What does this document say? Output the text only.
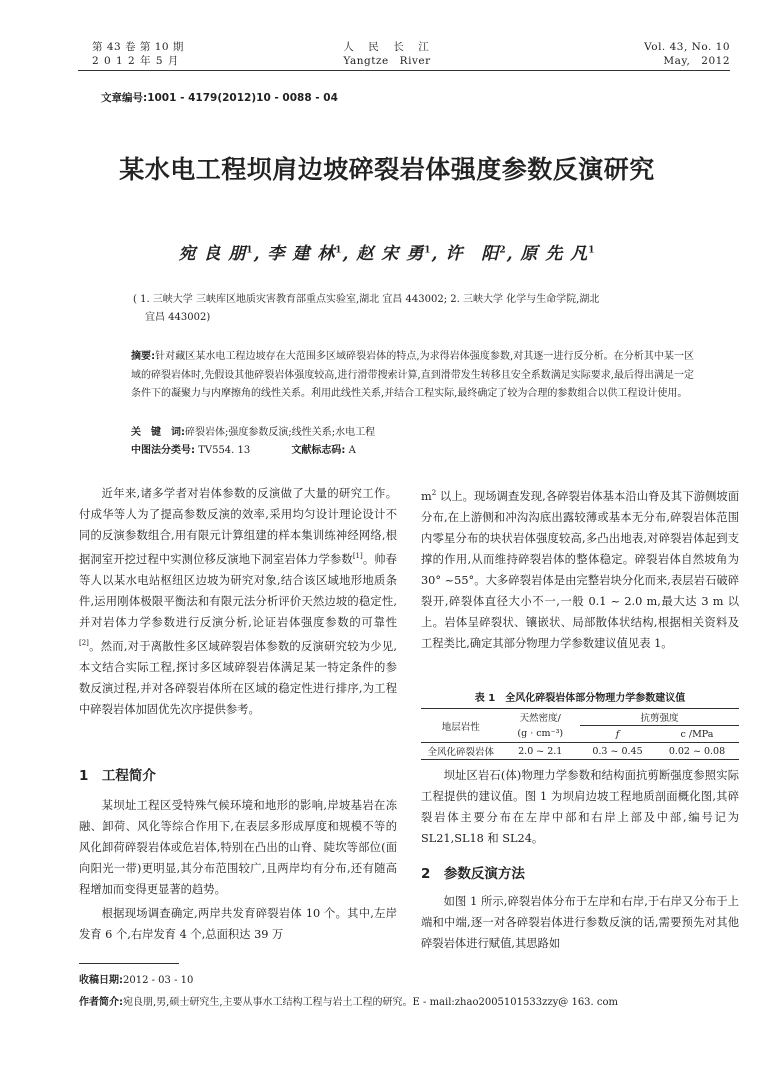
第 43 卷 第 10 期
2 0 1 2 年 5 月
人　民　长　江
Yangtze　River
Vol. 43, No. 10
May,　2012
文章编号:1001 - 4179(2012)10 - 0088 - 04
某水电工程坝肩边坡碎裂岩体强度参数反演研究
宛 良 朋$^1$, 李 建 林$^1$, 赵 宋 勇$^1$, 许　阳$^2$, 原 先 凡$^1$
( 1. 三峡大学 三峡库区地质灾害教育部重点实验室,湖北 宜昌 443002; 2. 三峡大学 化学与生命学院,湖北
宜昌 443002)
摘要:针对藏区某水电工程边坡存在大范围多区域碎裂岩体的特点,为求得岩体强度参数,对其逐一进行反分析。在分析其中某一区域的碎裂岩体时,先假设其他碎裂岩体强度较高,进行滑带搜索计算,直到滑带发生转移且安全系数满足实际要求,最后得出满足一定条件下的凝聚力与内摩擦角的线性关系。利用此线性关系,并结合工程实际,最终确定了较为合理的参数组合以供工程设计使用。
关　键　词:碎裂岩体;强度参数反演;线性关系;水电工程
中图法分类号: TV554. 13	文献标志码: A

近年来,诸多学者对岩体参数的反演做了大量的研究工作。付成华等人为了提高参数反演的效率,采用均匀设计理论设计不同的反演参数组合,用有限元计算组建的样本集训练神经网络,根据洞室开挖过程中实测位移反演地下洞室岩体力学参数[1]。帅春等人以某水电站枢纽区边坡为研究对象,结合该区域地形地质条件,运用刚体极限平衡法和有限元法分析评价天然边坡的稳定性,并对岩体力学参数进行反演分析,论证岩体强度参数的可靠性[2]。然而,对于离散性多区域碎裂岩体参数的反演研究较为少见,本文结合实际工程,探讨多区域碎裂岩体满足某一特定条件的参数反演过程,并对各碎裂岩体所在区域的稳定性进行排序,为工程中碎裂岩体加固优先次序提供参考。

1　工程简介

某坝址工程区受特殊气候环境和地形的影响,岸坡基岩在冻融、卸荷、风化等综合作用下,在表层多形成厚度和规模不等的风化卸荷碎裂岩体或危岩体,特别在凸出的山脊、陡坎等部位(面向阳光一带)更明显,其分布范围较广,且两岸均有分布,还有随高程增加而变得更显著的趋势。

根据现场调查确定,两岸共发育碎裂岩体 10 个。其中,左岸发育 6 个,右岸发育 4 个,总面积达 39 万

$m^2$ 以上。现场调查发现,各碎裂岩体基本沿山脊及其下游侧坡面分布,在上游侧和冲沟沟底出露较薄或基本无分布,碎裂岩体范围内零星分布的块状岩体强度较高,多凸出地表,对碎裂岩体起到支撑的作用,从而维持碎裂岩体的整体稳定。碎裂岩体自然坡角为 30° ~55°。大多碎裂岩体是由完整岩块分化而来,表层岩石破碎裂开,碎裂体直径大小不一,一般 0.1 ~ 2.0 m,最大达 3 m 以上。岩体呈碎裂状、镶嵌状、局部散体状结构,根据相关资料及工程类比,确定其部分物理力学参数建议值见表 1。

表 1　全风化碎裂岩体部分物理力学参数建议值
地层岩性	天然密度/	抗剪强度	
	(g · cm⁻³)	f	c /MPa
全风化碎裂岩体	2.0 ~ 2.1	0.3 ~ 0.45	0.02 ~ 0.08

坝址区岩石(体)物理力学参数和结构面抗剪断强度参照实际工程提供的建议值。图 1 为坝肩边坡工程地质剖面概化图,其碎裂岩体主要分布在左岸中部和右岸上部及中部,编号记为 SL21,SL18 和 SL24。

2　参数反演方法

如图 1 所示,碎裂岩体分布于左岸和右岸,于右岸又分布于上端和中端,逐一对各碎裂岩体进行参数反演的话,需要预先对其他碎裂岩体进行赋值,其思路如

收稿日期:2012 - 03 - 10
作者简介:宛良朋,男,硕士研究生,主要从事水工结构工程与岩土工程的研究。E - mail:zhao2005101533zzy@ 163. com
